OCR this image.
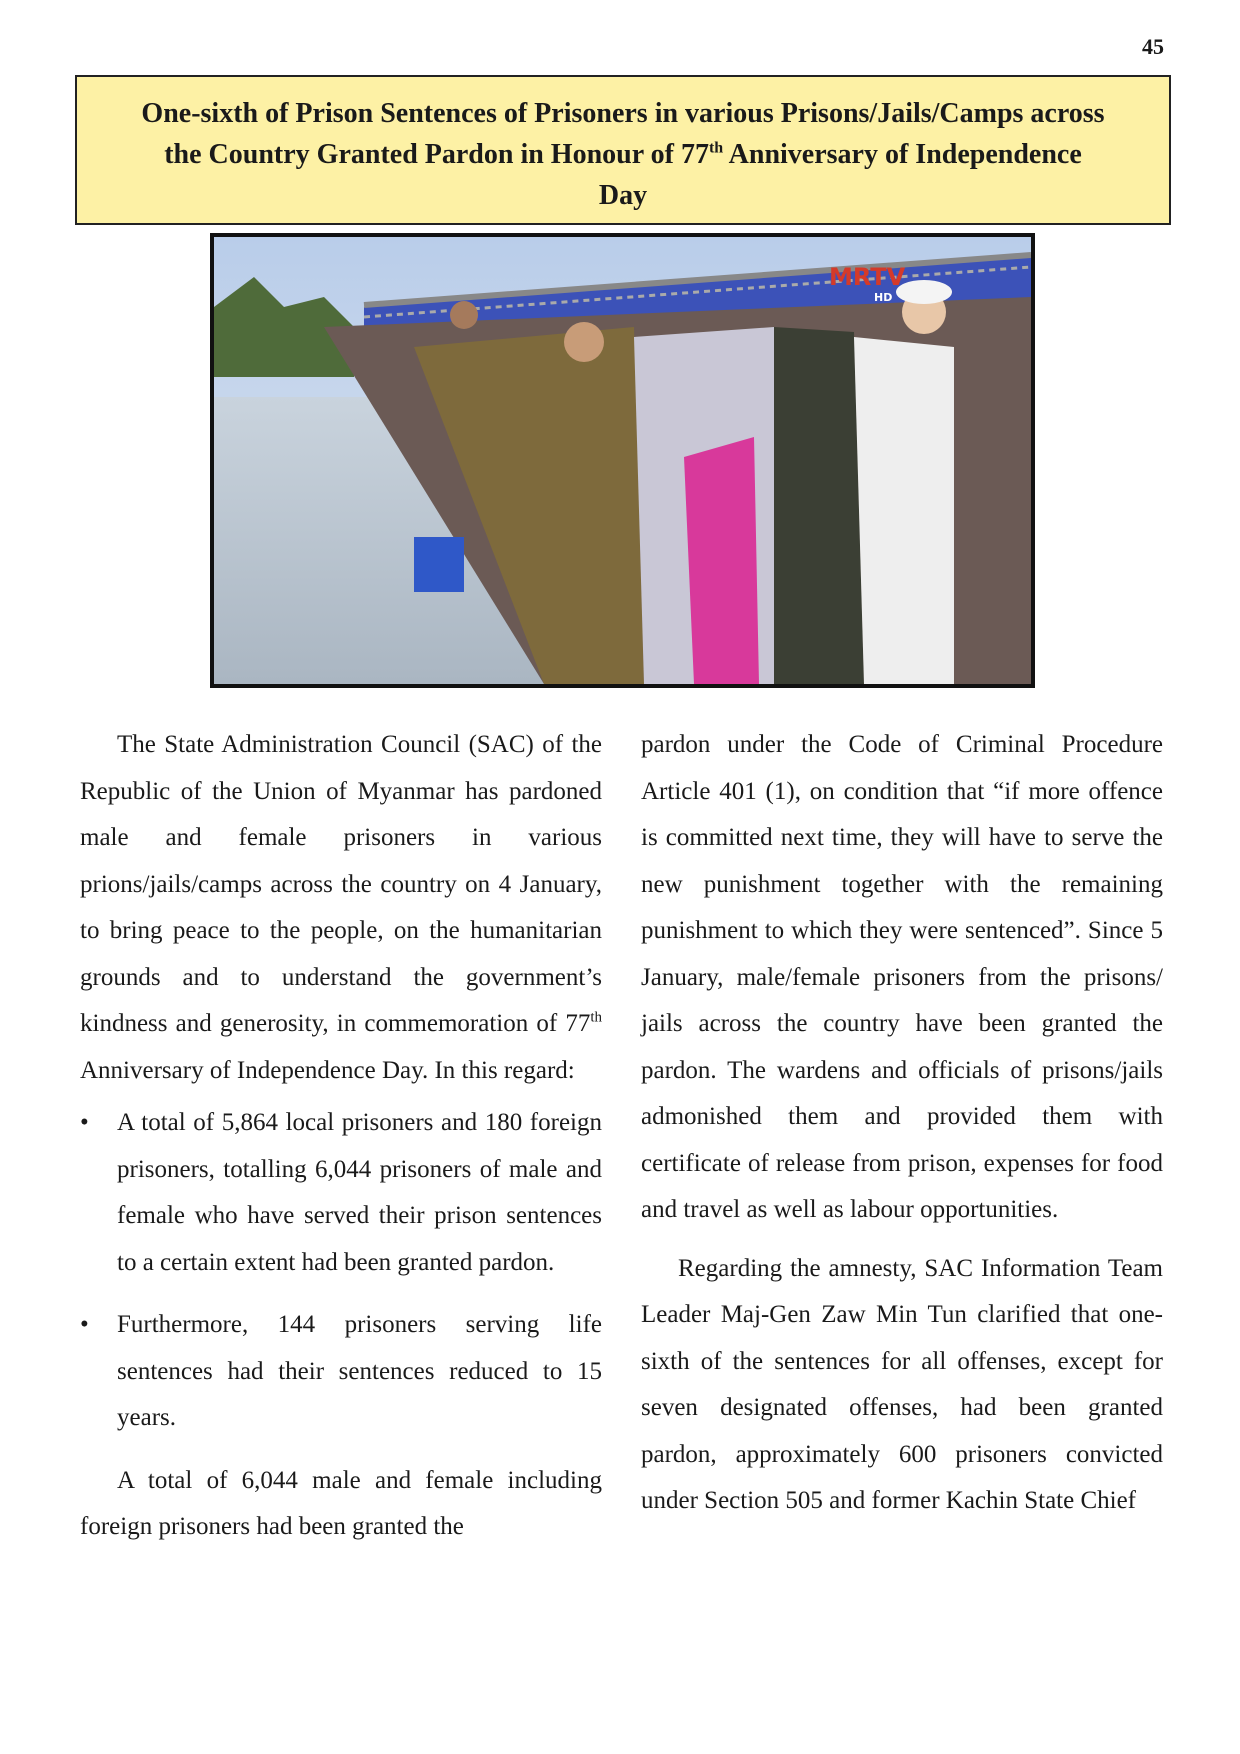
45
One-sixth of Prison Sentences of Prisoners in various Prisons/Jails/Camps across
the Country Granted Pardon in Honour of 77th Anniversary of Independence
Day
MRTV
HD

The State Administration Council (SAC) of the Republic of the Union of Myanmar has pardoned male and female prisoners in various prions/jails/camps across the country on 4 January, to bring peace to the people, on the humanitarian grounds and to understand the government’s kindness and generosity, in commemoration of 77th Anniversary of Independence Day. In this regard:

• A total of 5,864 local prisoners and 180 foreign prisoners, totalling 6,044 prisoners of male and female who have served their prison sentences to a certain extent had been granted pardon.
• Furthermore, 144 prisoners serving life sentences had their sentences reduced to 15 years.

A total of 6,044 male and female including foreign prisoners had been granted the

pardon under the Code of Criminal Procedure Article 401 (1), on condition that “if more offence is committed next time, they will have to serve the new punishment together with the remaining punishment to which they were sentenced”. Since 5 January, male/female prisoners from the prisons/ jails across the country have been granted the pardon. The wardens and officials of prisons/jails admonished them and provided them with certificate of release from prison, expenses for food and travel as well as labour opportunities.

Regarding the amnesty, SAC Information Team Leader Maj-Gen Zaw Min Tun clarified that one-sixth of the sentences for all offenses, except for seven designated offenses, had been granted pardon, approximately 600 prisoners convicted under Section 505 and former Kachin State Chief
